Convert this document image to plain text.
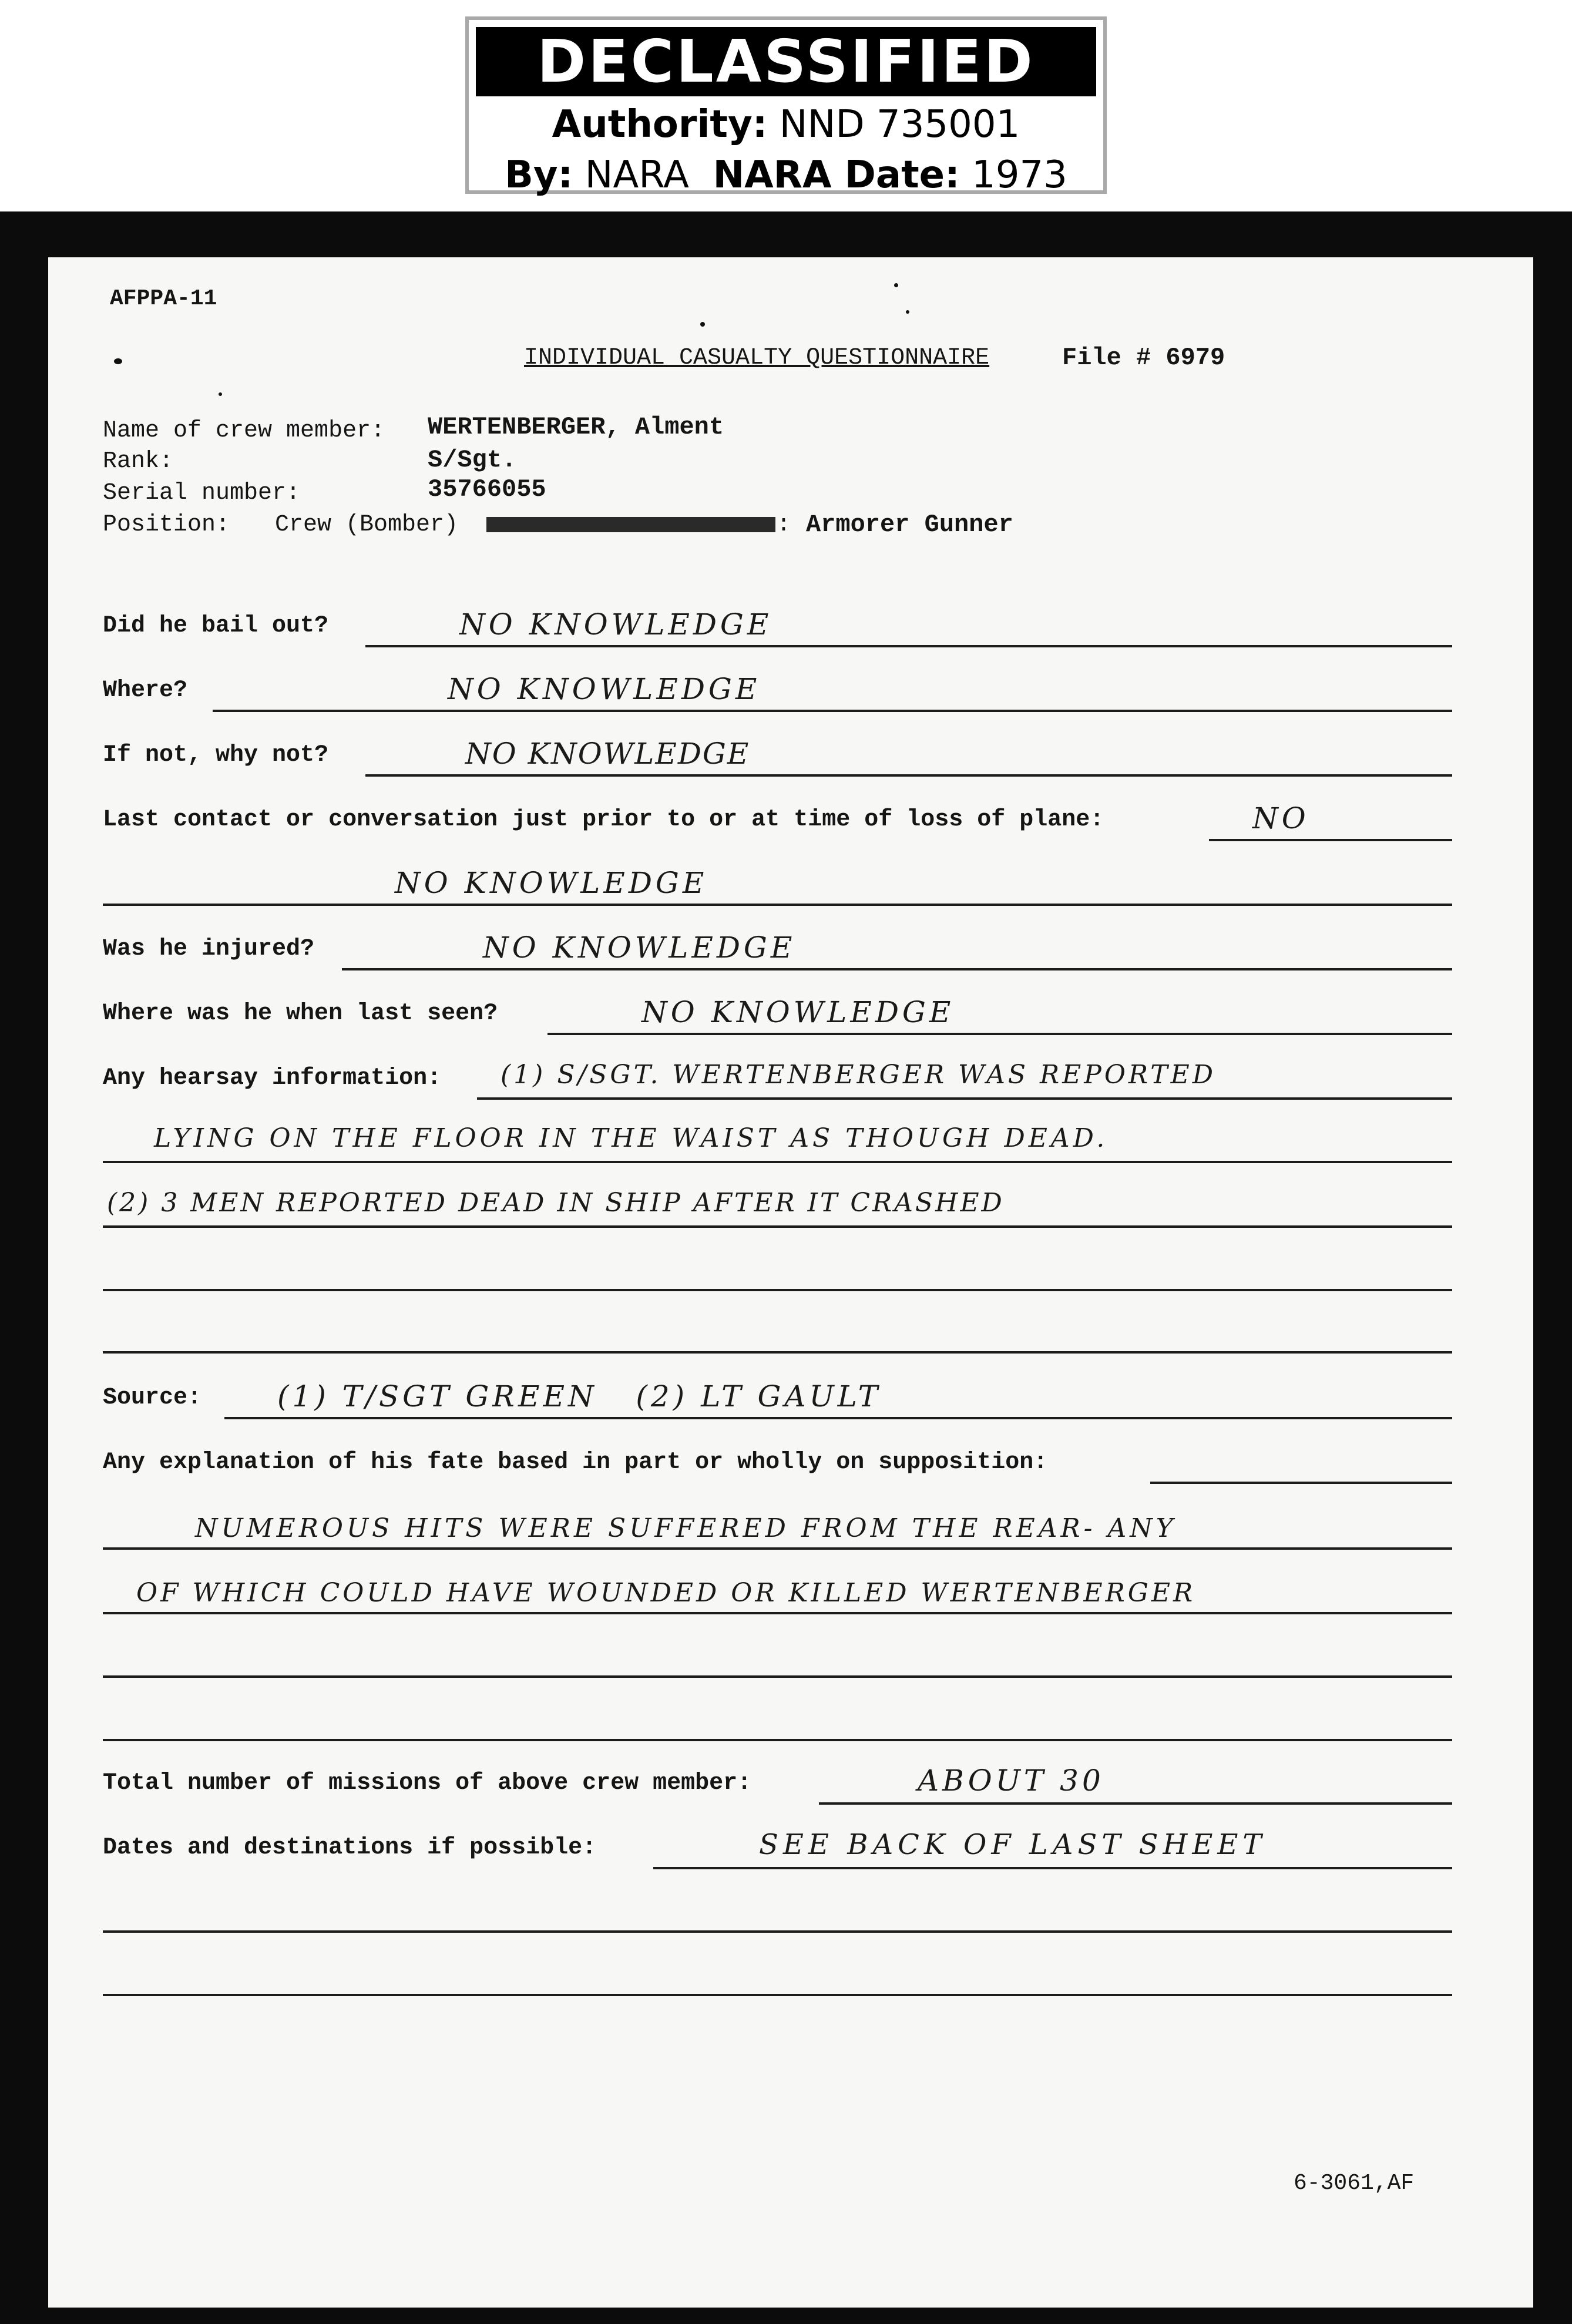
DECLASSIFIED
Authority: NND 735001
By: NARA NARA Date: 1973
AFPPA-11
INDIVIDUAL CASUALTY QUESTIONNAIRE	File # 6979
Name of crew member: WERTENBERGER, Alment
Rank:	S/Sgt.
Serial number:	35766055
Position: Crew (Bomber)	: Armorer Gunner
Did he bail out?	NO KNOWLEDGE
Where?	NO KNOWLEDGE
If not, why not?	NO KNOWLEDGE
Last contact or conversation just prior to or at time of loss of plane:	NO
NO KNOWLEDGE
Was he injured?	NO KNOWLEDGE
Where was he when last seen?	NO KNOWLEDGE
Any hearsay information: (1) S/SGT. WERTENBERGER WAS REPORTED
LYING ON THE FLOOR IN THE WAIST AS THOUGH DEAD.
(2) 3 MEN REPORTED DEAD IN SHIP AFTER IT CRASHED
Source:	(1) T/SGT GREEN   (2) LT GAULT
Any explanation of his fate based in part or wholly on supposition:
NUMEROUS HITS WERE SUFFERED FROM THE REAR- ANY
OF WHICH COULD HAVE WOUNDED OR KILLED WERTENBERGER
Total number of missions of above crew member:	ABOUT 30
Dates and destinations if possible:	SEE BACK OF LAST SHEET
6-3061,AF
